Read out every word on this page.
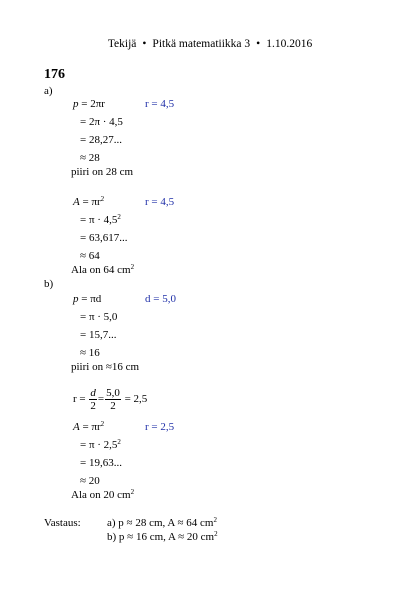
Tekijä • Pitkä matematiikka 3 • 1.10.2016
176
a)
p = 2πr	r = 4,5
= 2π · 4,5
= 28,27...
≈ 28
piiri on 28 cm
$A = \pi r^2$	r = 4,5
= $\pi \cdot 4,5^2$
= 63,617...
≈ 64
Ala on 64 $cm^2$
b)
p = πd	d = 5,0
= π · 5,0
= 15,7...
≈ 16
piiri on ≈16 cm
$r = \frac{d}{2} = \frac{5,0}{2} = 2,5$
$A = \pi r^2$	r = 2,5
= $\pi \cdot 2,5^2$
= 19,63...
≈ 20
Ala on 20 $cm^2$
Vastaus: a) p ≈ 28 cm, A ≈ 64 $cm^2$
b) p ≈ 16 cm, A ≈ 20 $cm^2$
